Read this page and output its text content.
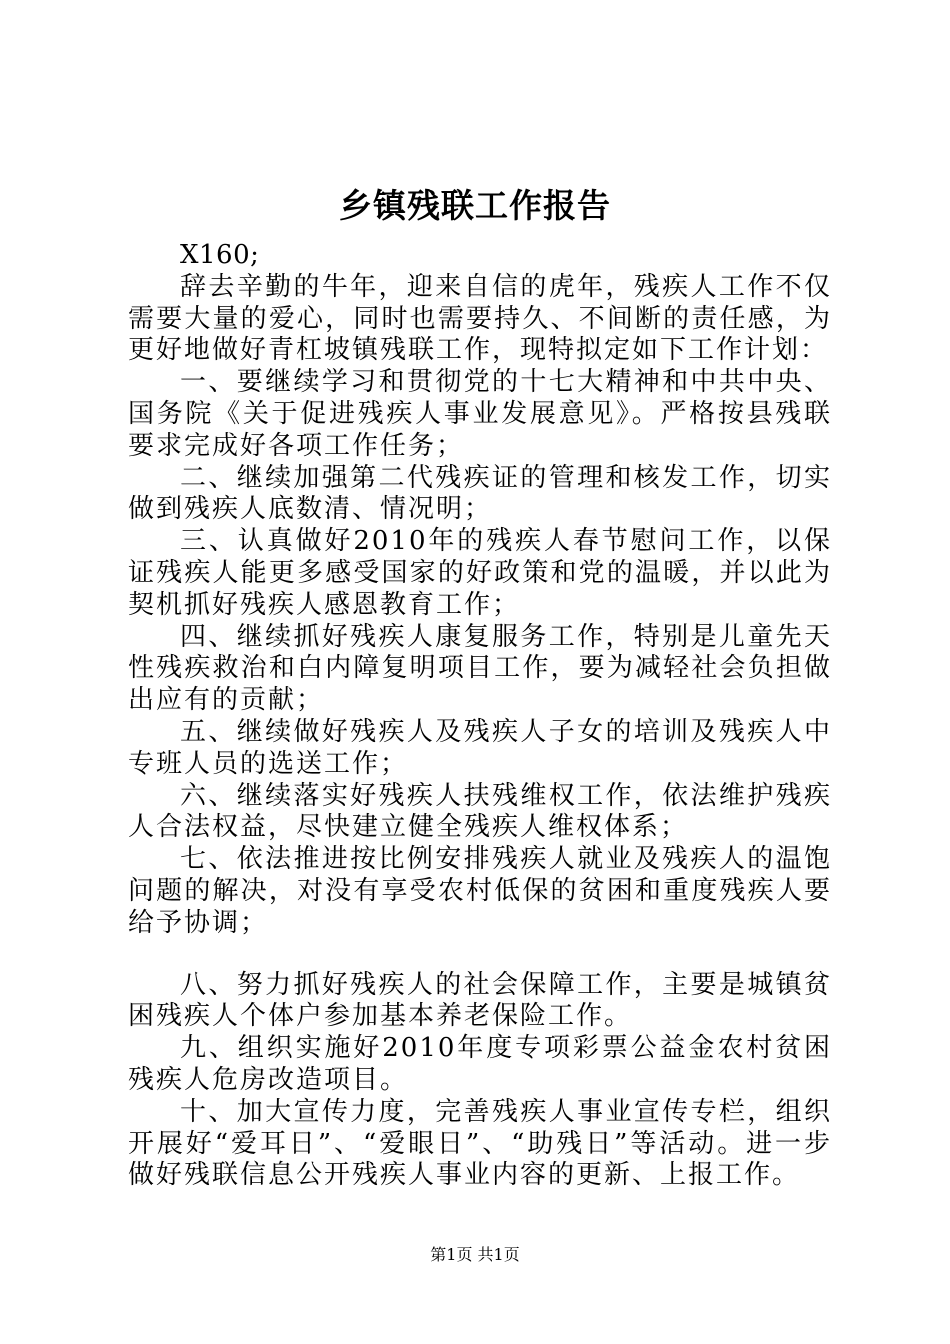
乡镇残联工作报告

X160;

辞去辛勤的牛年，迎来自信的虎年，残疾人工作不仅需要大量的爱心，同时也需要持久、不间断的责任感，为更好地做好青杠坡镇残联工作，现特拟定如下工作计划：

一、要继续学习和贯彻党的十七大精神和中共中央、国务院《关于促进残疾人事业发展意见》。严格按县残联要求完成好各项工作任务；

二、继续加强第二代残疾证的管理和核发工作，切实做到残疾人底数清、情况明；

三、认真做好2010年的残疾人春节慰问工作，以保证残疾人能更多感受国家的好政策和党的温暖，并以此为契机抓好残疾人感恩教育工作；

四、继续抓好残疾人康复服务工作，特别是儿童先天性残疾救治和白内障复明项目工作，要为减轻社会负担做出应有的贡献；

五、继续做好残疾人及残疾人子女的培训及残疾人中专班人员的选送工作；

六、继续落实好残疾人扶残维权工作，依法维护残疾人合法权益，尽快建立健全残疾人维权体系；

七、依法推进按比例安排残疾人就业及残疾人的温饱问题的解决，对没有享受农村低保的贫困和重度残疾人要给予协调；

八、努力抓好残疾人的社会保障工作，主要是城镇贫困残疾人个体户参加基本养老保险工作。

九、组织实施好2010年度专项彩票公益金农村贫困残疾人危房改造项目。

十、加大宣传力度，完善残疾人事业宣传专栏，组织开展好“爱耳日”、“爱眼日”、“助残日”等活动。进一步做好残联信息公开残疾人事业内容的更新、上报工作。

第1页 共1页
